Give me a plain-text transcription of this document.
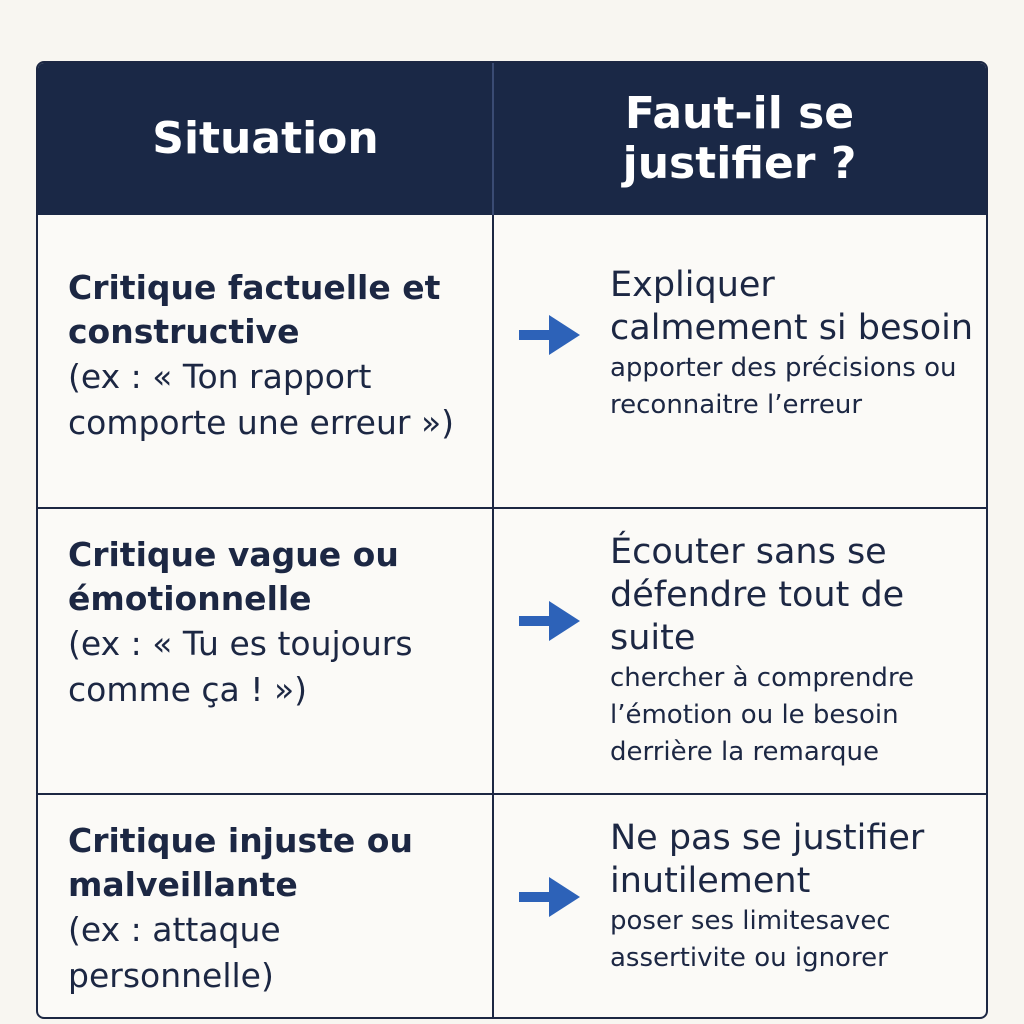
Situation	Faut-il se justifier ?

Critique factuelle et constructive

(ex : « Ton rapport comporte une erreur »)

Expliquer calmement si besoin

apporter des précisions ou reconnaitre l’erreur

Critique vague ou émotionnelle

(ex : « Tu es toujours comme ça ! »)

Écouter sans se défendre tout de suite

chercher à comprendre l’émotion ou le besoin derrière la remarque

Critique injuste ou malveillante

(ex : attaque personnelle)

Ne pas se justifier inutilement

poser ses limitesavec assertivite ou ignorer
